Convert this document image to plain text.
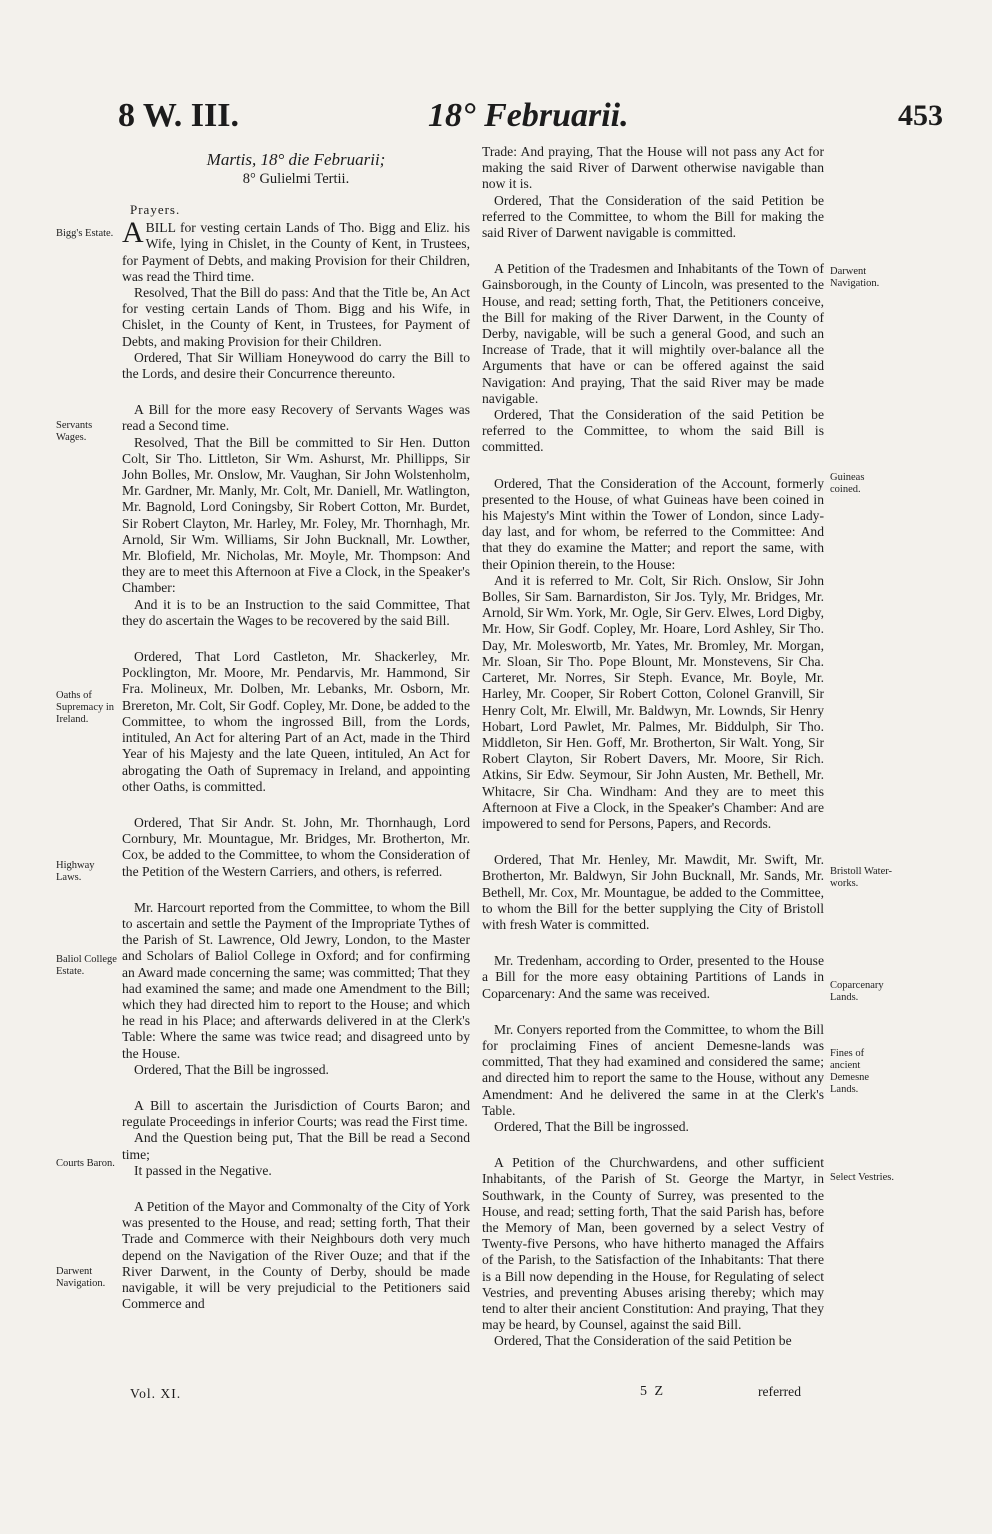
8 W. III.	18° Februarii.	453
Bigg's Estate.
Servants Wages.
Oaths of Supremacy in Ireland.
Highway Laws.
Baliol College Estate.
Courts Baron.
Darwent Navigation.
Darwent Navigation.
Guineas coined.
Bristoll Water-works.
Coparcenary Lands.
Fines of ancient Demesne Lands.
Select Vestries.
Martis, 18° die Februarii;
8° Gulielmi Tertii.
Prayers.

ABILL for vesting certain Lands of Tho. Bigg and Eliz. his Wife, lying in Chislet, in the County of Kent, in Trustees, for Payment of Debts, and making Provision for their Children, was read the Third time.

Resolved, That the Bill do pass: And that the Title be, An Act for vesting certain Lands of Thom. Bigg and his Wife, in Chislet, in the County of Kent, in Trustees, for Payment of Debts, and making Provision for their Children.

Ordered, That Sir William Honeywood do carry the Bill to the Lords, and desire their Concurrence thereunto.

A Bill for the more easy Recovery of Servants Wages was read a Second time.

Resolved, That the Bill be committed to Sir Hen. Dutton Colt, Sir Tho. Littleton, Sir Wm. Ashurst, Mr. Phillipps, Sir John Bolles, Mr. Onslow, Mr. Vaughan, Sir John Wolstenholm, Mr. Gardner, Mr. Manly, Mr. Colt, Mr. Daniell, Mr. Watlington, Mr. Bagnold, Lord Coningsby, Sir Robert Cotton, Mr. Burdet, Sir Robert Clayton, Mr. Harley, Mr. Foley, Mr. Thornhagh, Mr. Arnold, Sir Wm. Williams, Sir John Bucknall, Mr. Lowther, Mr. Blofield, Mr. Nicholas, Mr. Moyle, Mr. Thompson: And they are to meet this Afternoon at Five a Clock, in the Speaker's Chamber:

And it is to be an Instruction to the said Committee, That they do ascertain the Wages to be recovered by the said Bill.

Ordered, That Lord Castleton, Mr. Shackerley, Mr. Pocklington, Mr. Moore, Mr. Pendarvis, Mr. Hammond, Sir Fra. Molineux, Mr. Dolben, Mr. Lebanks, Mr. Osborn, Mr. Brereton, Mr. Colt, Sir Godf. Copley, Mr. Done, be added to the Committee, to whom the ingrossed Bill, from the Lords, intituled, An Act for altering Part of an Act, made in the Third Year of his Majesty and the late Queen, intituled, An Act for abrogating the Oath of Supremacy in Ireland, and appointing other Oaths, is committed.

Ordered, That Sir Andr. St. John, Mr. Thornhaugh, Lord Cornbury, Mr. Mountague, Mr. Bridges, Mr. Brotherton, Mr. Cox, be added to the Committee, to whom the Consideration of the Petition of the Western Carriers, and others, is referred.

Mr. Harcourt reported from the Committee, to whom the Bill to ascertain and settle the Payment of the Impropriate Tythes of the Parish of St. Lawrence, Old Jewry, London, to the Master and Scholars of Baliol College in Oxford; and for confirming an Award made concerning the same; was committed; That they had examined the same; and made one Amendment to the Bill; which they had directed him to report to the House; and which he read in his Place; and afterwards delivered in at the Clerk's Table: Where the same was twice read; and disagreed unto by the House.

Ordered, That the Bill be ingrossed.

A Bill to ascertain the Jurisdiction of Courts Baron; and regulate Proceedings in inferior Courts; was read the First time.

And the Question being put, That the Bill be read a Second time;

It passed in the Negative.

A Petition of the Mayor and Commonalty of the City of York was presented to the House, and read; setting forth, That their Trade and Commerce with their Neighbours doth very much depend on the Navigation of the River Ouze; and that if the River Darwent, in the County of Derby, should be made navigable, it will be very prejudicial to the Petitioners said Commerce and

Trade: And praying, That the House will not pass any Act for making the said River of Darwent otherwise navigable than now it is.

Ordered, That the Consideration of the said Petition be referred to the Committee, to whom the Bill for making the said River of Darwent navigable is committed.

A Petition of the Tradesmen and Inhabitants of the Town of Gainsborough, in the County of Lincoln, was presented to the House, and read; setting forth, That, the Petitioners conceive, the Bill for making of the River Darwent, in the County of Derby, navigable, will be such a general Good, and such an Increase of Trade, that it will mightily over-balance all the Arguments that have or can be offered against the said Navigation: And praying, That the said River may be made navigable.

Ordered, That the Consideration of the said Petition be referred to the Committee, to whom the said Bill is committed.

Ordered, That the Consideration of the Account, formerly presented to the House, of what Guineas have been coined in his Majesty's Mint within the Tower of London, since Lady-day last, and for whom, be referred to the Committee: And that they do examine the Matter; and report the same, with their Opinion therein, to the House:

And it is referred to Mr. Colt, Sir Rich. Onslow, Sir John Bolles, Sir Sam. Barnardiston, Sir Jos. Tyly, Mr. Bridges, Mr. Arnold, Sir Wm. York, Mr. Ogle, Sir Gerv. Elwes, Lord Digby, Mr. How, Sir Godf. Copley, Mr. Hoare, Lord Ashley, Sir Tho. Day, Mr. Moleswortb, Mr. Yates, Mr. Bromley, Mr. Morgan, Mr. Sloan, Sir Tho. Pope Blount, Mr. Monstevens, Sir Cha. Carteret, Mr. Norres, Sir Steph. Evance, Mr. Boyle, Mr. Harley, Mr. Cooper, Sir Robert Cotton, Colonel Granvill, Sir Henry Colt, Mr. Elwill, Mr. Baldwyn, Mr. Lownds, Sir Henry Hobart, Lord Pawlet, Mr. Palmes, Mr. Biddulph, Sir Tho. Middleton, Sir Hen. Goff, Mr. Brotherton, Sir Walt. Yong, Sir Robert Clayton, Sir Robert Davers, Mr. Moore, Sir Rich. Atkins, Sir Edw. Seymour, Sir John Austen, Mr. Bethell, Mr. Whitacre, Sir Cha. Windham: And they are to meet this Afternoon at Five a Clock, in the Speaker's Chamber: And are impowered to send for Persons, Papers, and Records.

Ordered, That Mr. Henley, Mr. Mawdit, Mr. Swift, Mr. Brotherton, Mr. Baldwyn, Sir John Bucknall, Mr. Sands, Mr. Bethell, Mr. Cox, Mr. Mountague, be added to the Committee, to whom the Bill for the better supplying the City of Bristoll with fresh Water is committed.

Mr. Tredenham, according to Order, presented to the House a Bill for the more easy obtaining Partitions of Lands in Coparcenary: And the same was received.

Mr. Conyers reported from the Committee, to whom the Bill for proclaiming Fines of ancient Demesne-lands was committed, That they had examined and considered the same; and directed him to report the same to the House, without any Amendment: And he delivered the same in at the Clerk's Table.

Ordered, That the Bill be ingrossed.

A Petition of the Churchwardens, and other sufficient Inhabitants, of the Parish of St. George the Martyr, in Southwark, in the County of Surrey, was presented to the House, and read; setting forth, That the said Parish has, before the Memory of Man, been governed by a select Vestry of Twenty-five Persons, who have hitherto managed the Affairs of the Parish, to the Satisfaction of the Inhabitants: That there is a Bill now depending in the House, for Regulating of select Vestries, and preventing Abuses arising thereby; which may tend to alter their ancient Constitution: And praying, That they may be heard, by Counsel, against the said Bill.

Ordered, That the Consideration of the said Petition be

Vol. XI.	5 Z	referred
